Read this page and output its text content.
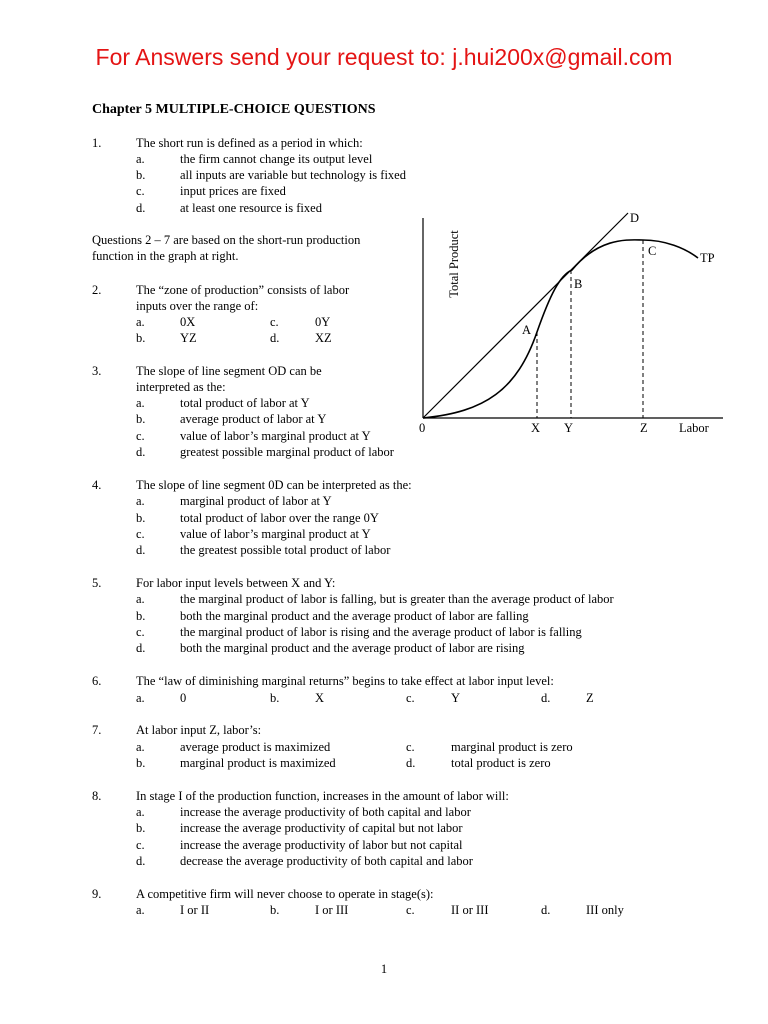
For Answers send your request to: j.hui200x@gmail.com
Chapter 5 MULTIPLE-CHOICE QUESTIONS
1.	The short run is defined as a period in which:
a.	the firm cannot change its output level
b.	all inputs are variable but technology is fixed
c.	input prices are fixed
d.	at least one resource is fixed
Questions 2 – 7 are based on the short-run production
function in the graph at right.
2.	The “zone of production” consists of labor
inputs over the range of:
a.	0X	c.	0Y
b.	YZ	d.	XZ
3.	The slope of line segment OD can be
interpreted as the:
a.	total product of labor at Y
b.	average product of labor at Y
c.	value of labor’s marginal product at Y
d.	greatest possible marginal product of labor
4.	The slope of line segment 0D can be interpreted as the:
a.	marginal product of labor at Y
b.	total product of labor over the range 0Y
c.	value of labor’s marginal product at Y
d.	the greatest possible total product of labor
5.	For labor input levels between X and Y:
a.	the marginal product of labor is falling, but is greater than the average product of labor
b.	both the marginal product and the average product of labor are falling
c.	the marginal product of labor is rising and the average product of labor is falling
d.	both the marginal product and the average product of labor are rising
6.	The “law of diminishing marginal returns” begins to take effect at labor input level:
a.	0	b.	X	c.	Y	d.	Z
7.	At labor input Z, labor’s:
a.	average product is maximized	c.	marginal product is zero
b.	marginal product is maximized	d.	total product is zero
8.	In stage I of the production function, increases in the amount of labor will:
a.	increase the average productivity of both capital and labor
b.	increase the average productivity of capital but not labor
c.	increase the average productivity of labor but not capital
d.	decrease the average productivity of both capital and labor
9.	A competitive firm will never choose to operate in stage(s):
a.	I or II	b.	I or III	c.	II or III	d.	III only
Total Product
0	X Y	Z	Labor
A
B
C
D
TP
1
